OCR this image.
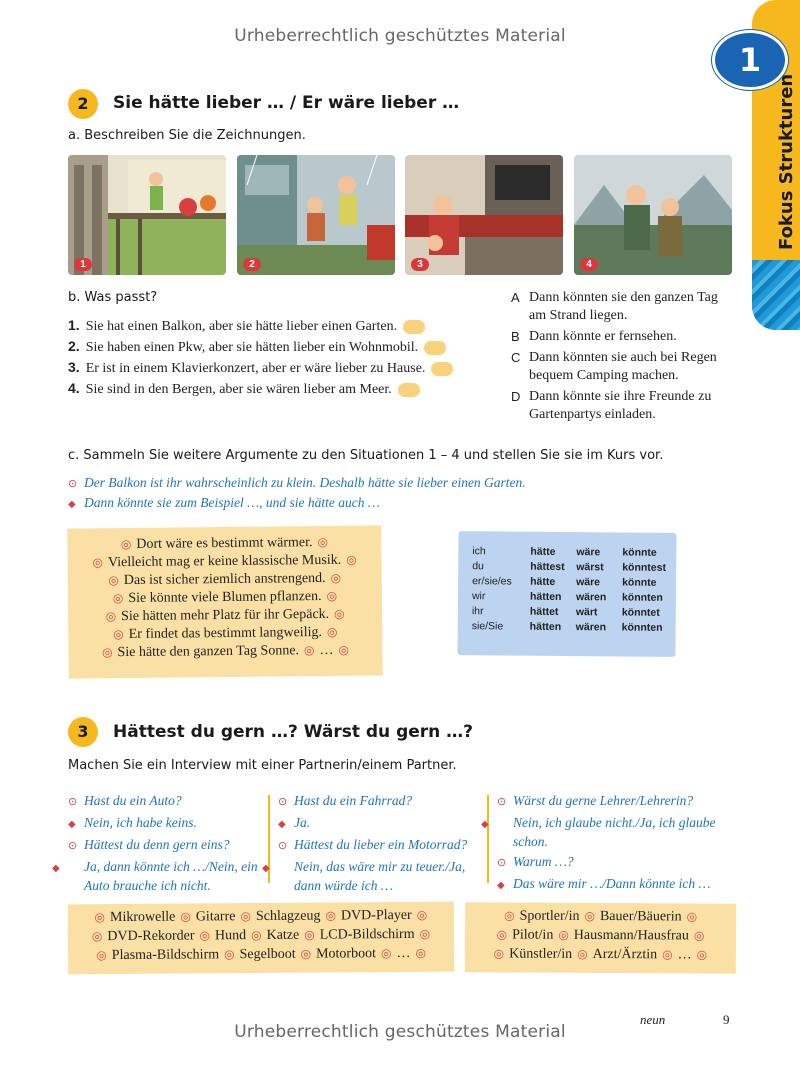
Urheberrechtlich geschütztes Material
Urheberrechtlich geschütztes Material
Fokus Strukturen
1
2	Sie hätte lieber … / Er wäre lieber …
a. Beschreiben Sie die Zeichnungen.
1	2	3	4
b. Was passt?
1. Sie hat einen Balkon, aber sie hätte lieber einen Garten.
2. Sie haben einen Pkw, aber sie hätten lieber ein Wohnmobil.
3. Er ist in einem Klavierkonzert, aber er wäre lieber zu Hause.
4. Sie sind in den Bergen, aber sie wären lieber am Meer.
A Dann könnten sie den ganzen Tag am Strand liegen.
B Dann könnte er fernsehen.
C Dann könnten sie auch bei Regen bequem Camping machen.
D Dann könnte sie ihre Freunde zu Gartenpartys einladen.
c. Sammeln Sie weitere Argumente zu den Situationen 1 – 4 und stellen Sie sie im Kurs vor.
⊙ Der Balkon ist ihr wahrscheinlich zu klein. Deshalb hätte sie lieber einen Garten.
◆ Dann könnte sie zum Beispiel …, und sie hätte auch …
◎ Dort wäre es bestimmt wärmer. ◎
◎ Vielleicht mag er keine klassische Musik. ◎
◎ Das ist sicher ziemlich anstrengend. ◎
◎ Sie könnte viele Blumen pflanzen. ◎
◎ Sie hätten mehr Platz für ihr Gepäck. ◎
◎ Er findet das bestimmt langweilig. ◎
◎ Sie hätte den ganzen Tag Sonne. ◎ … ◎
ich	hätte	wäre	könnte
du	hättest	wärst	könntest
er/sie/es	hätte	wäre	könnte
wir	hätten	wären	könnten
ihr	hättet	wärt	könntet
sie/Sie	hätten	wären	könnten
3	Hättest du gern …? Wärst du gern …?
Machen Sie ein Interview mit einer Partnerin/einem Partner.
⊙ Hast du ein Auto?
◆ Nein, ich habe keins.
⊙ Hättest du denn gern eins?
◆ Ja, dann könnte ich …/Nein, ein Auto brauche ich nicht.
⊙ Hast du ein Fahrrad?
◆ Ja.
⊙ Hättest du lieber ein Motorrad?
◆ Nein, das wäre mir zu teuer./Ja, dann würde ich …
⊙ Wärst du gerne Lehrer/Lehrerin?
◆ Nein, ich glaube nicht./Ja, ich glaube schon.
⊙ Warum …?
◆ Das wäre mir …/Dann könnte ich …
◎ Mikrowelle ◎ Gitarre ◎ Schlagzeug ◎ DVD-Player ◎
◎ DVD-Rekorder ◎ Hund ◎ Katze ◎ LCD-Bildschirm ◎
◎ Plasma-Bildschirm ◎ Segelboot ◎ Motorboot ◎ … ◎
◎ Sportler/in ◎ Bauer/Bäuerin ◎
◎ Pilot/in ◎ Hausmann/Hausfrau ◎
◎ Künstler/in ◎ Arzt/Ärztin ◎ … ◎
neun	9
